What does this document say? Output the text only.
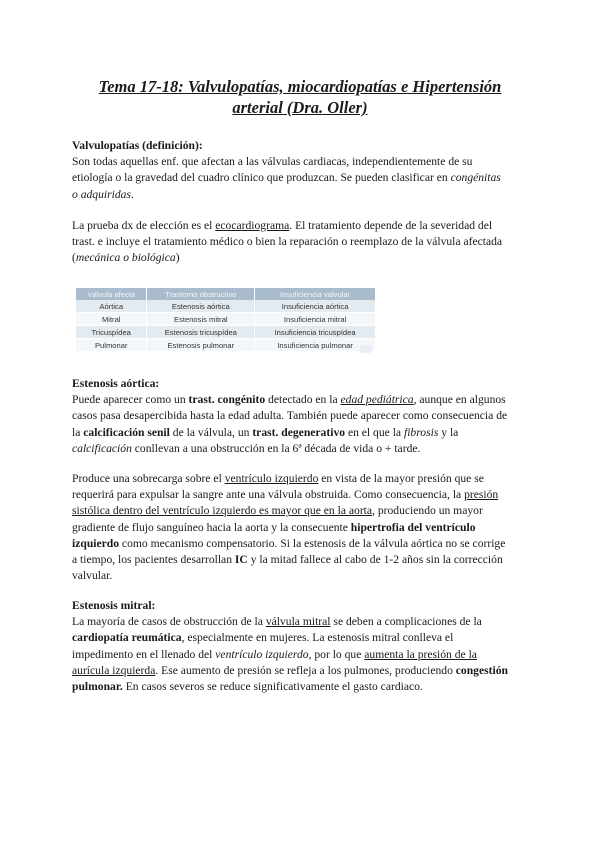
Tema 17-18: Valvulopatías, miocardiopatías e Hipertensión
arterial (Dra. Oller)
Valvulopatías (definición):
Son todas aquellas enf. que afectan a las válvulas cardiacas, independientemente de su
etiología o la gravedad del cuadro clínico que produzcan. Se pueden clasificar en congénitas
o adquiridas.
La prueba dx de elección es el ecocardiograma. El tratamiento depende de la severidad del
trast. e incluye el tratamiento médico o bien la reparación o reemplazo de la válvula afectada
(mecánica o biológica)
Válvula afecta	Trastorno obstructivo	Insuficiencia valvular
Aórtica	Estenosis aórtica	Insuficiencia aórtica
Mitral	Estenosis mitral	Insuficiencia mitral
Tricuspídea	Estenosis tricuspídea	Insuficiencia tricuspídea
Pulmonar	Estenosis pulmonar	Insuficiencia pulmonar
Estenosis aórtica:
Puede aparecer como un trast. congénito detectado en la edad pediátrica, aunque en algunos
casos pasa desapercibida hasta la edad adulta. También puede aparecer como consecuencia de
la calcificación senil de la válvula, un trast. degenerativo en el que la fibrosis y la
calcificación conllevan a una obstrucción en la 6ª década de vida o + tarde.
Produce una sobrecarga sobre el ventrículo izquierdo en vista de la mayor presión que se
requerirá para expulsar la sangre ante una válvula obstruida. Como consecuencia, la presión
sistólica dentro del ventrículo izquierdo es mayor que en la aorta, produciendo un mayor
gradiente de flujo sanguíneo hacia la aorta y la consecuente hipertrofia del ventrículo
izquierdo como mecanismo compensatorio. Si la estenosis de la válvula aórtica no se corrige
a tiempo, los pacientes desarrollan IC y la mitad fallece al cabo de 1-2 años sin la corrección
valvular.
Estenosis mitral:
La mayoría de casos de obstrucción de la válvula mitral se deben a complicaciones de la
cardiopatía reumática, especialmente en mujeres. La estenosis mitral conlleva el
impedimento en el llenado del ventrículo izquierdo, por lo que aumenta la presión de la
aurícula izquierda. Ese aumento de presión se refleja a los pulmones, produciendo congestión
pulmonar. En casos severos se reduce significativamente el gasto cardiaco.
